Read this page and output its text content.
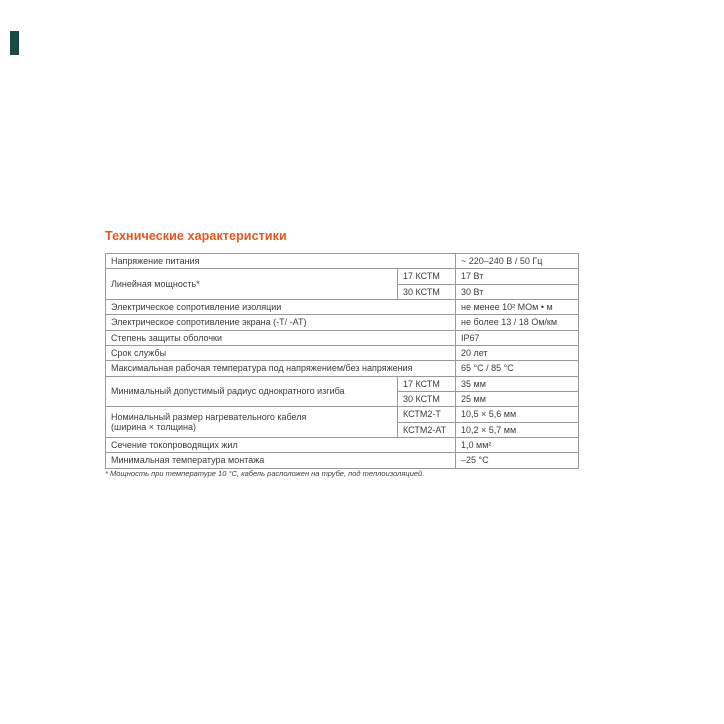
Технические характеристики
Напряжение питания		~ 220–240 В / 50 Гц
Линейная мощность*	17 КСТМ	17 Вт
	30 КСТМ	30 Вт
Электрическое сопротивление изоляции		не менее 10² МОм • м
Электрическое сопротивление экрана (-Т/ -АТ)		не более 13 / 18 Ом/км
Степень защиты оболочки		IP67
Срок службы		20 лет
Максимальная рабочая температура под напряжением/без напряжения		65 °С / 85 °С
Минимальный допустимый радиус однократного изгиба	17 КСТМ	35 мм
	30 КСТМ	25 мм

Номинальный размер нагревательного кабеля
(ширина × толщина)	КСТМ2-Т	10,5 × 5,6 мм
	КСТМ2-АТ	10,2 × 5,7 мм
Сечение токопроводящих жил		1,0 мм²
Минимальная температура монтажа		–25 °С
* Мощность при температуре 10 °С, кабель расположен на трубе, под теплоизоляцией.
